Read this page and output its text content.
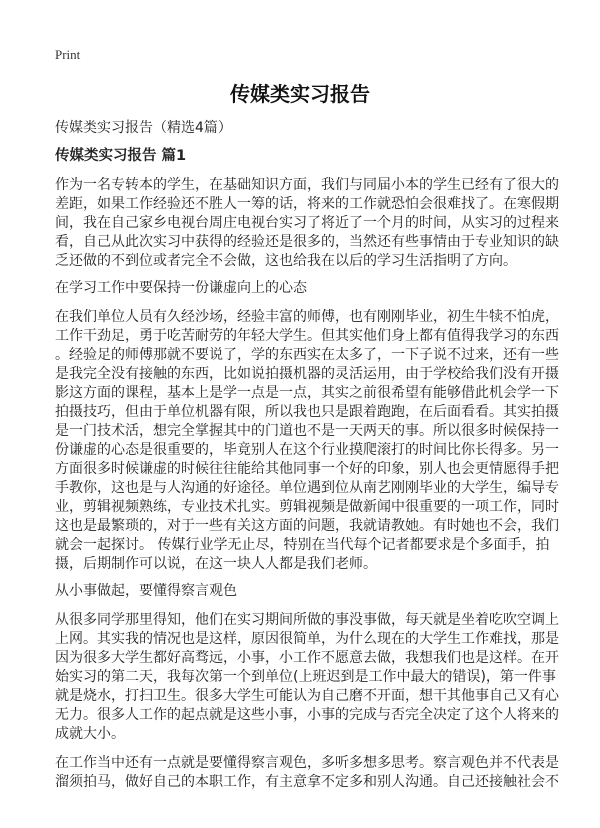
Print
传媒类实习报告
传媒类实习报告（精选4篇）
传媒类实习报告 篇1
作为一名专转本的学生，在基础知识方面，我们与同届小本的学生已经有了很大的
差距，如果工作经验还不胜人一筹的话，将来的工作就恐怕会很难找了。在寒假期
间，我在自己家乡电视台周庄电视台实习了将近了一个月的时间，从实习的过程来
看，自己从此次实习中获得的经验还是很多的，当然还有些事情由于专业知识的缺
乏还做的不到位或者完全不会做，这也给我在以后的学习生活指明了方向。
在学习工作中要保持一份谦虚向上的心态
在我们单位人员有久经沙场，经验丰富的师傅，也有刚刚毕业，初生牛犊不怕虎，
工作干劲足，勇于吃苦耐劳的年轻大学生。但其实他们身上都有值得我学习的东西
。经验足的师傅那就不要说了，学的东西实在太多了，一下子说不过来，还有一些
是我完全没有接触的东西，比如说拍摄机器的灵活运用，由于学校给我们没有开摄
影这方面的课程，基本上是学一点是一点，其实之前很希望有能够借此机会学一下
拍摄技巧，但由于单位机器有限，所以我也只是跟着跑跑，在后面看看。其实拍摄
是一门技术活，想完全掌握其中的门道也不是一天两天的事。所以很多时候保持一
份谦虚的心态是很重要的，毕竟别人在这个行业摸爬滚打的时间比你长得多。另一
方面很多时候谦虚的时候往往能给其他同事一个好的印象，别人也会更情愿得手把
手教你，这也是与人沟通的好途径。单位遇到位从南艺刚刚毕业的大学生，编导专
业，剪辑视频熟练，专业技术扎实。剪辑视频是做新闻中很重要的一项工作，同时
这也是最繁琐的，对于一些有关这方面的问题，我就请教她。有时她也不会，我们
就会一起探讨。 传媒行业学无止尽，特别在当代每个记者都要求是个多面手，拍
摄，后期制作可以说，在这一块人人都是我们老师。
从小事做起，要懂得察言观色
从很多同学那里得知，他们在实习期间所做的事没事做，每天就是坐着吃吹空调上
上网。其实我的情况也是这样，原因很简单，为什么现在的大学生工作难找，那是
因为很多大学生都好高骛远，小事，小工作不愿意去做，我想我们也是这样。在开
始实习的第二天，我每次第一个到单位(上班迟到是工作中最大的错误)，第一件事
就是烧水，打扫卫生。很多大学生可能认为自己磨不开面，想干其他事自己又有心
无力。很多人工作的起点就是这些小事，小事的完成与否完全决定了这个人将来的
成就大小。
在工作当中还有一点就是要懂得察言观色，多听多想多思考。察言观色并不代表是
溜须拍马，做好自己的本职工作，有主意拿不定多和别人沟通。自己还接触社会不
